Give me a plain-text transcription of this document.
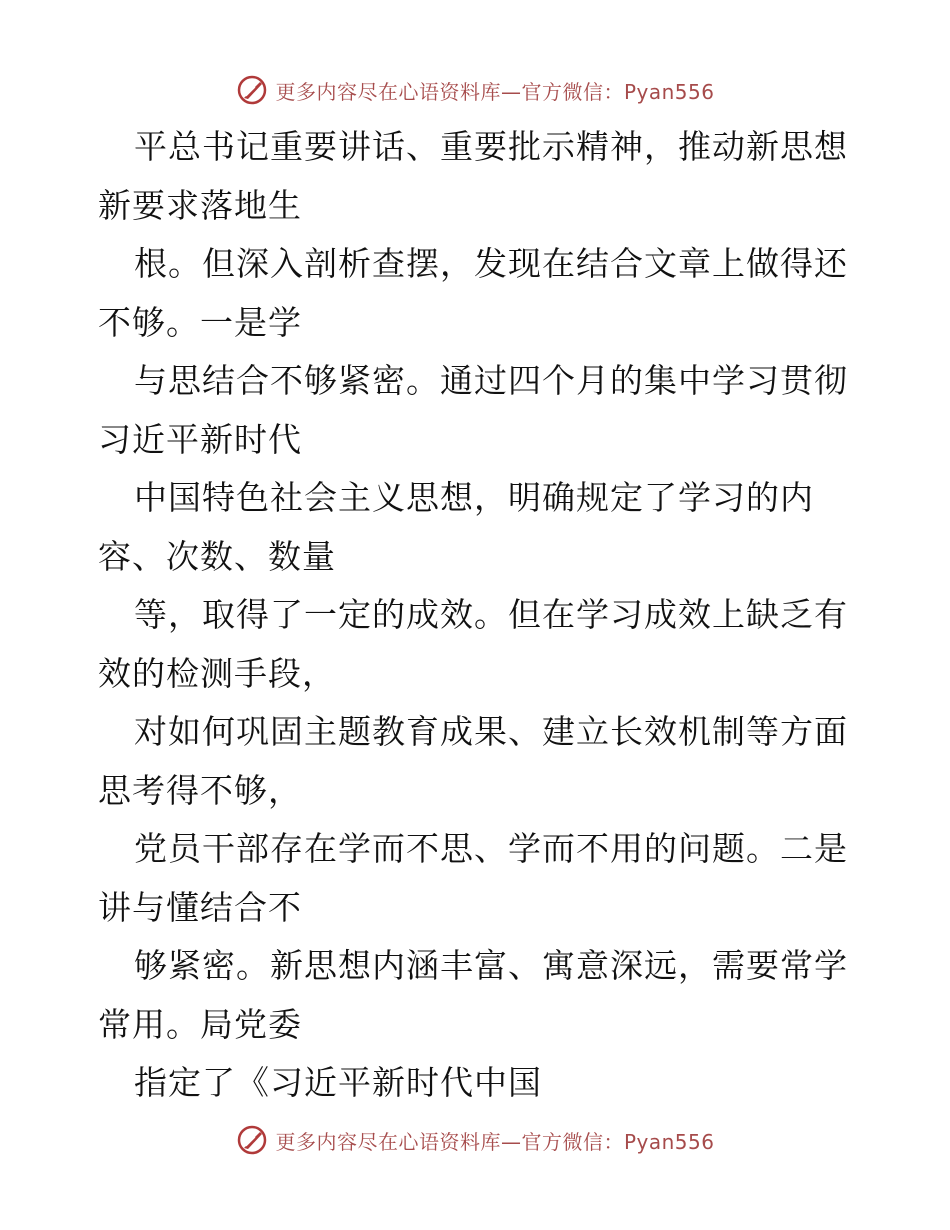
更多内容尽在心语资料库—官方微信：Pyan556
平总书记重要讲话、重要批示精神，推动新思想
新要求落地生
根。但深入剖析查摆，发现在结合文章上做得还
不够。一是学
与思结合不够紧密。通过四个月的集中学习贯彻
习近平新时代
中国特色社会主义思想，明确规定了学习的内
容、次数、数量
等，取得了一定的成效。但在学习成效上缺乏有
效的检测手段，
对如何巩固主题教育成果、建立长效机制等方面
思考得不够，
党员干部存在学而不思、学而不用的问题。二是
讲与懂结合不
够紧密。新思想内涵丰富、寓意深远，需要常学
常用。局党委
指定了《习近平新时代中国
更多内容尽在心语资料库—官方微信：Pyan556
